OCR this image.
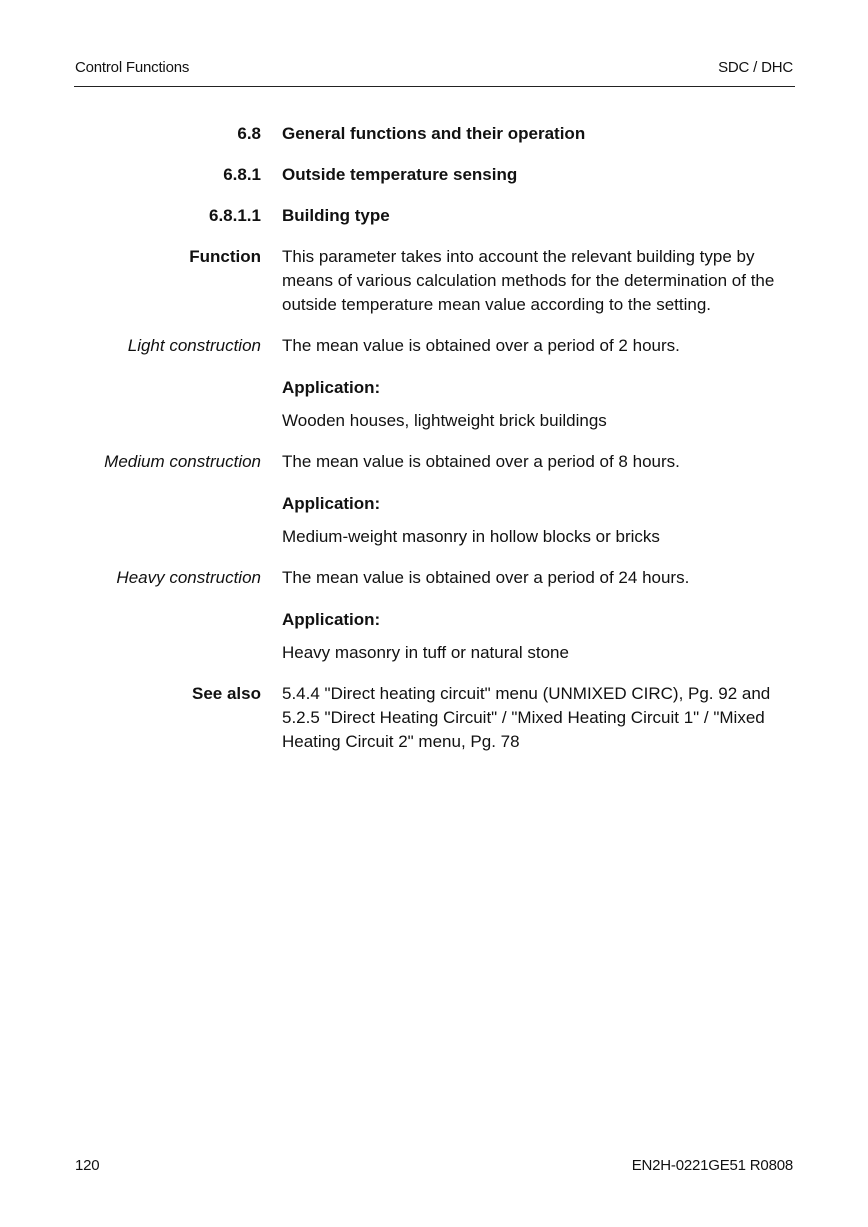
Control Functions	SDC / DHC
6.8 General functions and their operation
6.8.1 Outside temperature sensing
6.8.1.1 Building type
Function This parameter takes into account the relevant building type by means of various calculation methods for the determination of the outside temperature mean value according to the setting.
Light construction The mean value is obtained over a period of 2 hours.
Application:
Wooden houses, lightweight brick buildings
Medium construction The mean value is obtained over a period of 8 hours.
Application:
Medium-weight masonry in hollow blocks or bricks
Heavy construction The mean value is obtained over a period of 24 hours.
Application:
Heavy masonry in tuff or natural stone
See also 5.4.4 "Direct heating circuit" menu (UNMIXED CIRC), Pg. 92 and 5.2.5 "Direct Heating Circuit" / "Mixed Heating Circuit 1" / "Mixed Heating Circuit 2" menu, Pg. 78
120	EN2H-0221GE51 R0808
